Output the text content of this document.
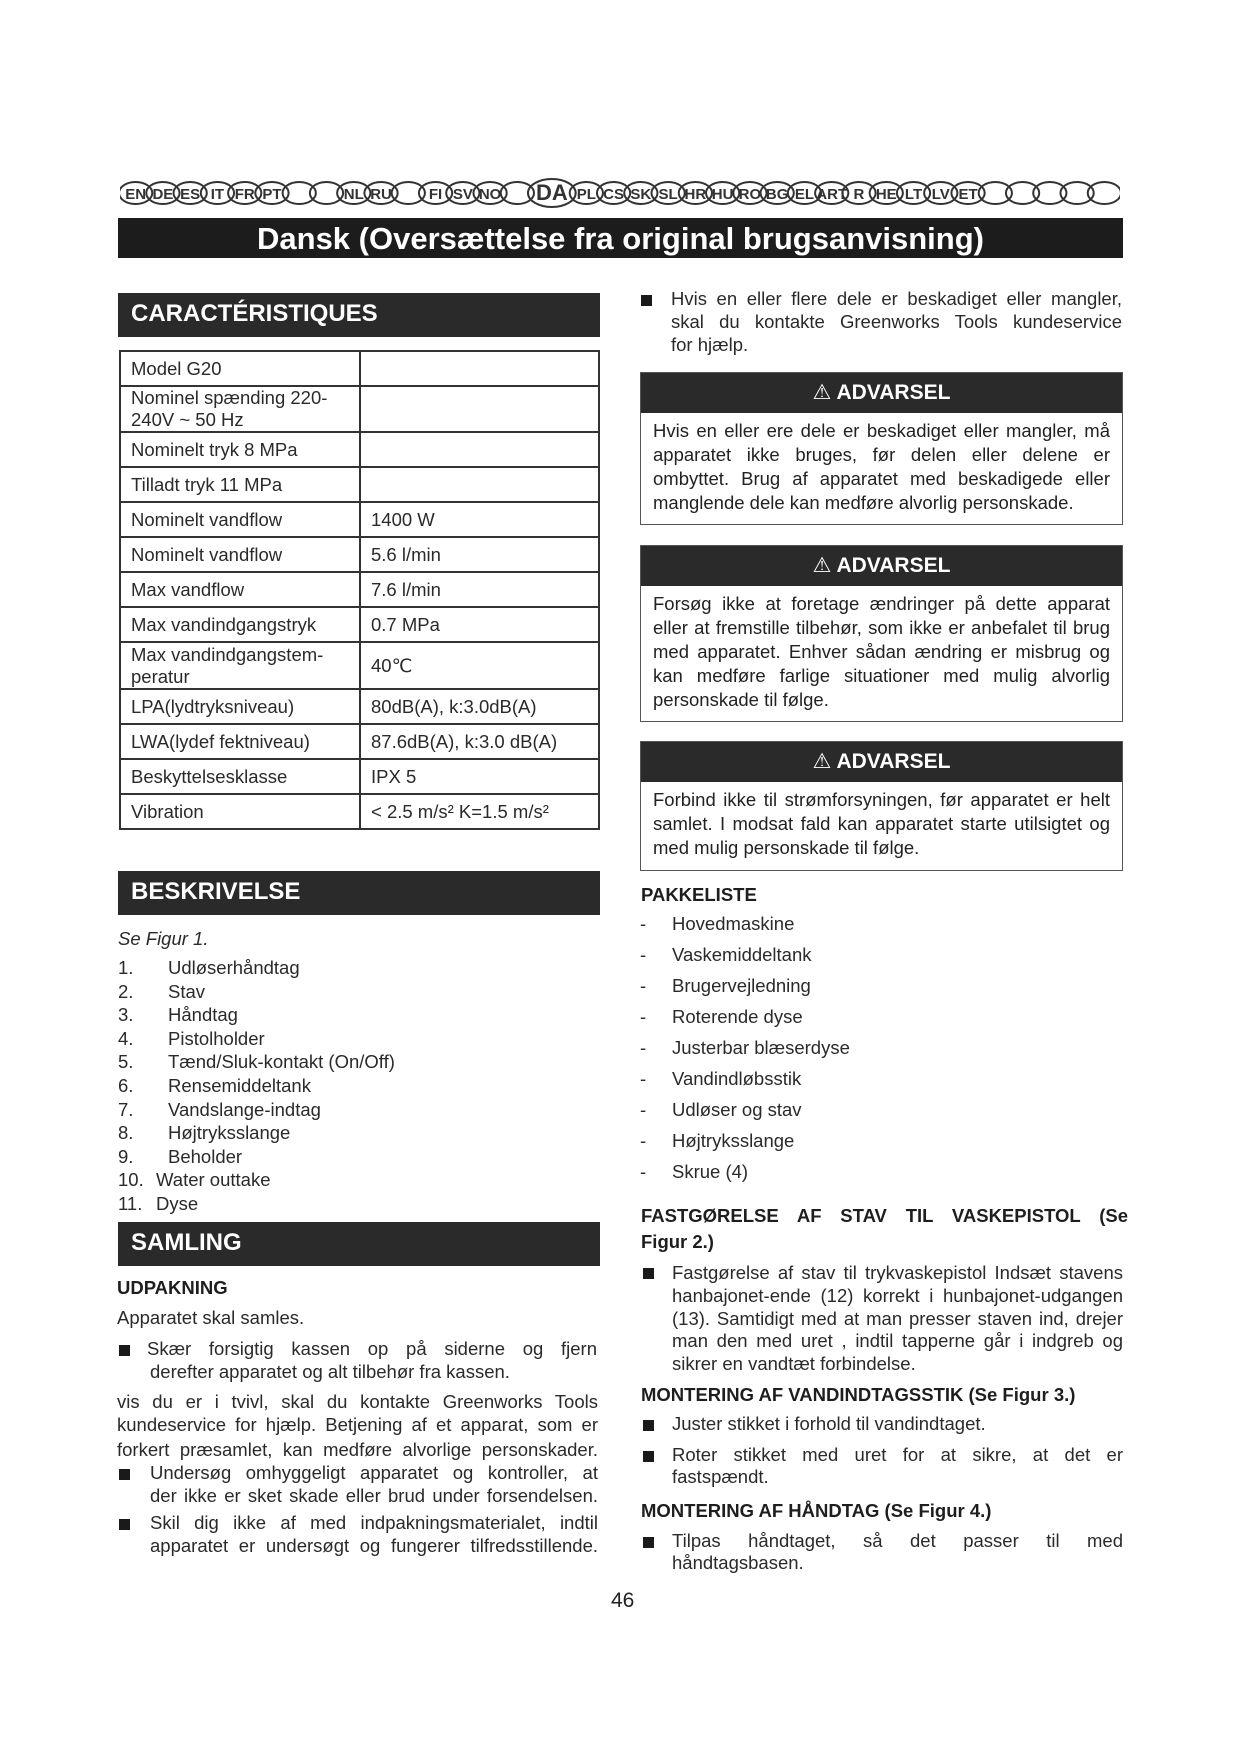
EN DE ES IT FR PT	NL RU FI SV NO DA PL CS SK SL HR HU RO BG EL ART R HE LT LV ET
Dansk (Oversættelse fra original brugsanvisning)
CARACTÉRISTIQUES
Model G20	
Nominel spænding 220-240V ~ 50 Hz	
Nominelt tryk 8 MPa	
Tilladt tryk 11 MPa	
Nominelt vandflow	1400 W
Nominelt vandflow	5.6 l/min
Max vandflow	7.6 l/min
Max vandindgangstryk	0.7 MPa
Max vandindgangstem-peratur	40℃
LPA(lydtryksniveau)	80dB(A), k:3.0dB(A)
LWA(lydef fektniveau)	87.6dB(A), k:3.0 dB(A)
Beskyttelsesklasse	IPX 5
Vibration	< 2.5 m/s² K=1.5 m/s²
BESKRIVELSE
Se Figur 1.
1. Udløserhåndtag
2. Stav
3. Håndtag
4. Pistolholder
5. Tænd/Sluk-kontakt (On/Off)
6. Rensemiddeltank
7. Vandslange-indtag
8. Højtryksslange
9. Beholder
10. Water outtake
11. Dyse
SAMLING
UDPAKNING
Apparatet skal samles.
Skær forsigtig kassen op på siderne og fjern
derefter apparatet og alt tilbehør fra kassen.
vis du er i tvivl, skal du kontakte Greenworks Tools
kundeservice for hjælp. Betjening af et apparat, som er
forkert præsamlet, kan medføre alvorlige personskader.
Undersøg omhyggeligt apparatet og kontroller, at
der ikke er sket skade eller brud under forsendelsen.
Skil dig ikke af med indpakningsmaterialet, indtil
apparatet er undersøgt og fungerer tilfredsstillende.
Hvis en eller flere dele er beskadiget eller mangler,
skal du kontakte Greenworks Tools kundeservice
for hjælp.
⚠ ADVARSEL
Hvis en eller ere dele er beskadiget eller mangler, må apparatet ikke bruges, før delen eller delene er ombyttet. Brug af apparatet med beskadigede eller manglende dele kan medføre alvorlig personskade.
⚠ ADVARSEL
Forsøg ikke at foretage ændringer på dette apparat eller at fremstille tilbehør, som ikke er anbefalet til brug med apparatet. Enhver sådan ændring er misbrug og kan medføre farlige situationer med mulig alvorlig personskade til følge.
⚠ ADVARSEL
Forbind ikke til strømforsyningen, før apparatet er helt samlet. I modsat fald kan apparatet starte utilsigtet og med mulig personskade til følge.
PAKKELISTE
- Hovedmaskine
- Vaskemiddeltank
- Brugervejledning
- Roterende dyse
- Justerbar blæserdyse
- Vandindløbsstik
- Udløser og stav
- Højtryksslange
- Skrue (4)
FASTGØRELSE AF STAV TIL VASKEPISTOL (Se
Figur 2.)
Fastgørelse af stav til trykvaskepistol Indsæt stavens hanbajonet-ende (12) korrekt i hunbajonet-udgangen (13). Samtidigt med at man presser staven ind, drejer man den med uret , indtil tapperne går i indgreb og sikrer en vandtæt forbindelse.
MONTERING AF VANDINDTAGSSTIK (Se Figur 3.)
Juster stikket i forhold til vandindtaget.
Roter stikket med uret for at sikre, at det er fastspændt.
MONTERING AF HÅNDTAG (Se Figur 4.)
Tilpas håndtaget, så det passer til med håndtagsbasen.
46
